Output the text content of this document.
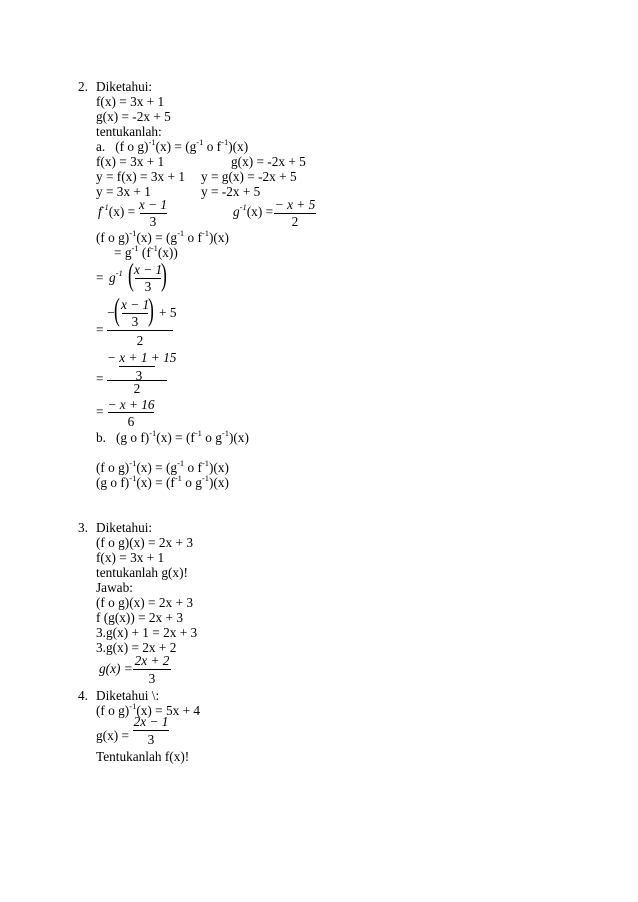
2. Diketahui:
f(x) = 3x + 1
g(x) = -2x + 5
tentukanlah:
a. (f o $g)^{-1}(x) = (g^{-1}$ o $f^{-1})(x)$
f(x) = 3x + 1	g(x) = -2x + 5
y = f(x) = 3x + 1 y = g(x) = -2x + 5
y = 3x + 1	y = -2x + 5
$f^{-1}(x) = x - 1$
3
$g^{-1}(x)$ = − x + 5
2
(f o $g)^{-1}(x) = (g^{-1}$ o $f^{-1})(x)$
= $g^{-1}$ $(f^{-1}(x))$
= $g^{-1}$ ( x − 1
3 )
− ( x − 1
3 ) + 5
=
2
− x + 1 + 15
3
=
2
= − x + 16
6
b. (g o $f)^{-1}(x) = (f^{-1}$ o $g^{-1})(x)$
(f o $g)^{-1}(x) = (g^{-1}$ o $f^{-1})(x)$
(g o $f)^{-1}(x) = (f^{-1}$ o $g^{-1})(x)$
3. Diketahui:
(f o g)(x) = 2x + 3
f(x) = 3x + 1
tentukanlah g(x)!
Jawab:
(f o g)(x) = 2x + 3
f (g(x)) = 2x + 3
3.g(x) + 1 = 2x + 3
3.g(x) = 2x + 2
g(x) =
2x + 2
3
4. Diketahui \:
(f o g)$^{-1}$(x) = 5x + 4
g(x) =
2x − 1
3
Tentukanlah f(x)!
